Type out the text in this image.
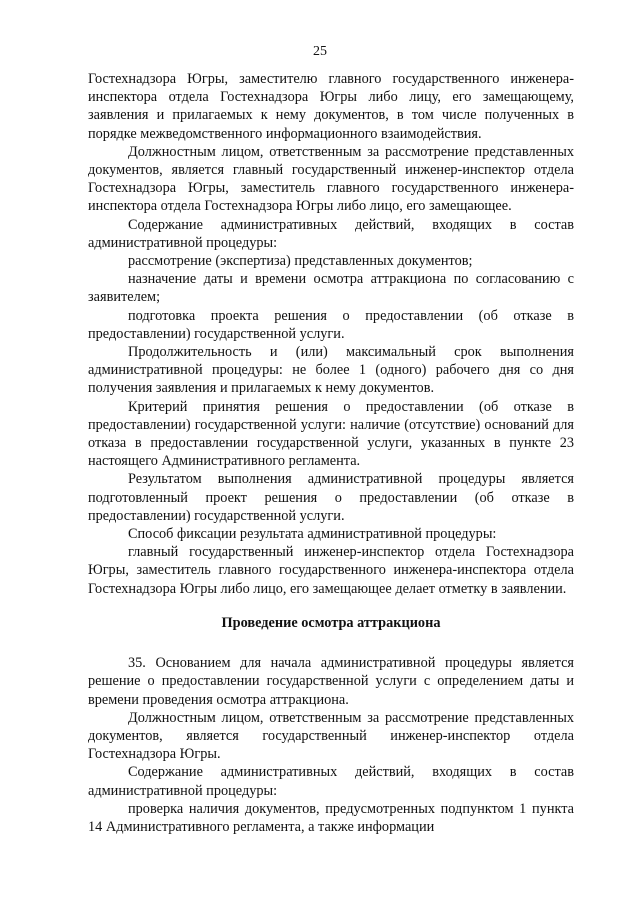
25

Гостехнадзора Югры, заместителю главного государственного инженера-инспектора отдела Гостехнадзора Югры либо лицу, его замещающему, заявления и прилагаемых к нему документов, в том числе полученных в порядке межведомственного информационного взаимодействия.

Должностным лицом, ответственным за рассмотрение представленных документов, является главный государственный инженер-инспектор отдела Гостехнадзора Югры, заместитель главного государственного инженера-инспектора отдела Гостехнадзора Югры либо лицо, его замещающее.

Содержание административных действий, входящих в состав административной процедуры:

рассмотрение (экспертиза) представленных документов;

назначение даты и времени осмотра аттракциона по согласованию с заявителем;

подготовка проекта решения о предоставлении (об отказе в предоставлении) государственной услуги.

Продолжительность и (или) максимальный срок выполнения административной процедуры: не более 1 (одного) рабочего дня со дня получения заявления и прилагаемых к нему документов.

Критерий принятия решения о предоставлении (об отказе в предоставлении) государственной услуги: наличие (отсутствие) оснований для отказа в предоставлении государственной услуги, указанных в пункте 23 настоящего Административного регламента.

Результатом выполнения административной процедуры является подготовленный проект решения о предоставлении (об отказе в предоставлении) государственной услуги.

Способ фиксации результата административной процедуры:

главный государственный инженер-инспектор отдела Гостехнадзора Югры, заместитель главного государственного инженера-инспектора отдела Гостехнадзора Югры либо лицо, его замещающее делает отметку в заявлении.

Проведение осмотра аттракциона

35. Основанием для начала административной процедуры является решение о предоставлении государственной услуги с определением даты и времени проведения осмотра аттракциона.

Должностным лицом, ответственным за рассмотрение представленных документов, является государственный инженер-инспектор отдела Гостехнадзора Югры.

Содержание административных действий, входящих в состав административной процедуры:

проверка наличия документов, предусмотренных подпунктом 1 пункта 14 Административного регламента, а также информации
